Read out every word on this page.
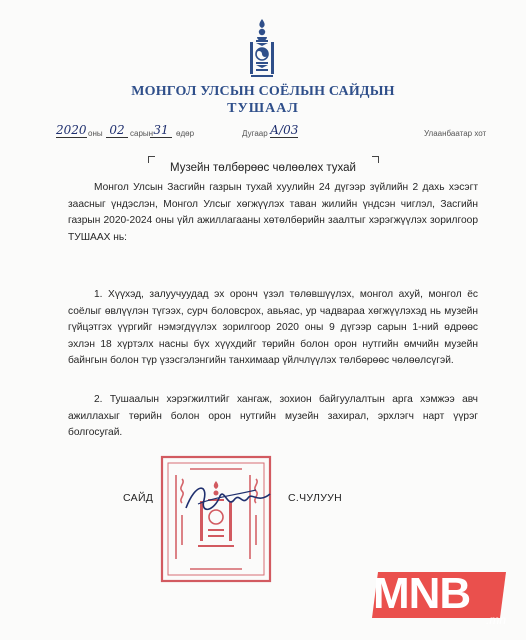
МОНГОЛ УЛСЫН СОЁЛЫН САЙДЫН
ТУШААЛ
2020 оны 02 сарын 31 өдөр	Дугаар А/03	Улаанбаатар хот
Музейн төлбөрөөс чөлөөлөх тухай
Монгол Улсын Засгийн газрын тухай хуулийн 24 дүгээр зүйлийн 2 дахь хэсэгт заасныг үндэслэн, Монгол Улсыг хөгжүүлэх таван жилийн үндсэн чиглэл, Засгийн газрын 2020-2024 оны үйл ажиллагааны хөтөлбөрийн заалтыг хэрэгжүүлэх зорилгоор ТУШААХ нь:
1. Хүүхэд, залуучуудад эх оронч үзэл төлөвшүүлэх, монгол ахуй, монгол ёс соёлыг өвлүүлэн түгээх, сурч боловсрох, авьяас, ур чадвараа хөгжүүлэхэд нь музейн гүйцэтгэх үүргийг нэмэгдүүлэх зорилгоор 2020 оны 9 дүгээр сарын 1-ний өдрөөс эхлэн 18 хүртэлх насны бүх хүүхдийг төрийн болон орон нутгийн өмчийн музейн байнгын болон түр үзэсгэлэнгийн танхимаар үйлчлүүлэх төлбөрөөс чөлөөлсүгэй.
2. Тушаалын хэрэгжилтийг хангаж, зохион байгуулалтын арга хэмжээ авч ажиллахыг төрийн болон орон нутгийн музейн захирал, эрхлэгч нарт үүрэг болгосугай.
САЙД	С.ЧУЛУУН
MNB
.mn
